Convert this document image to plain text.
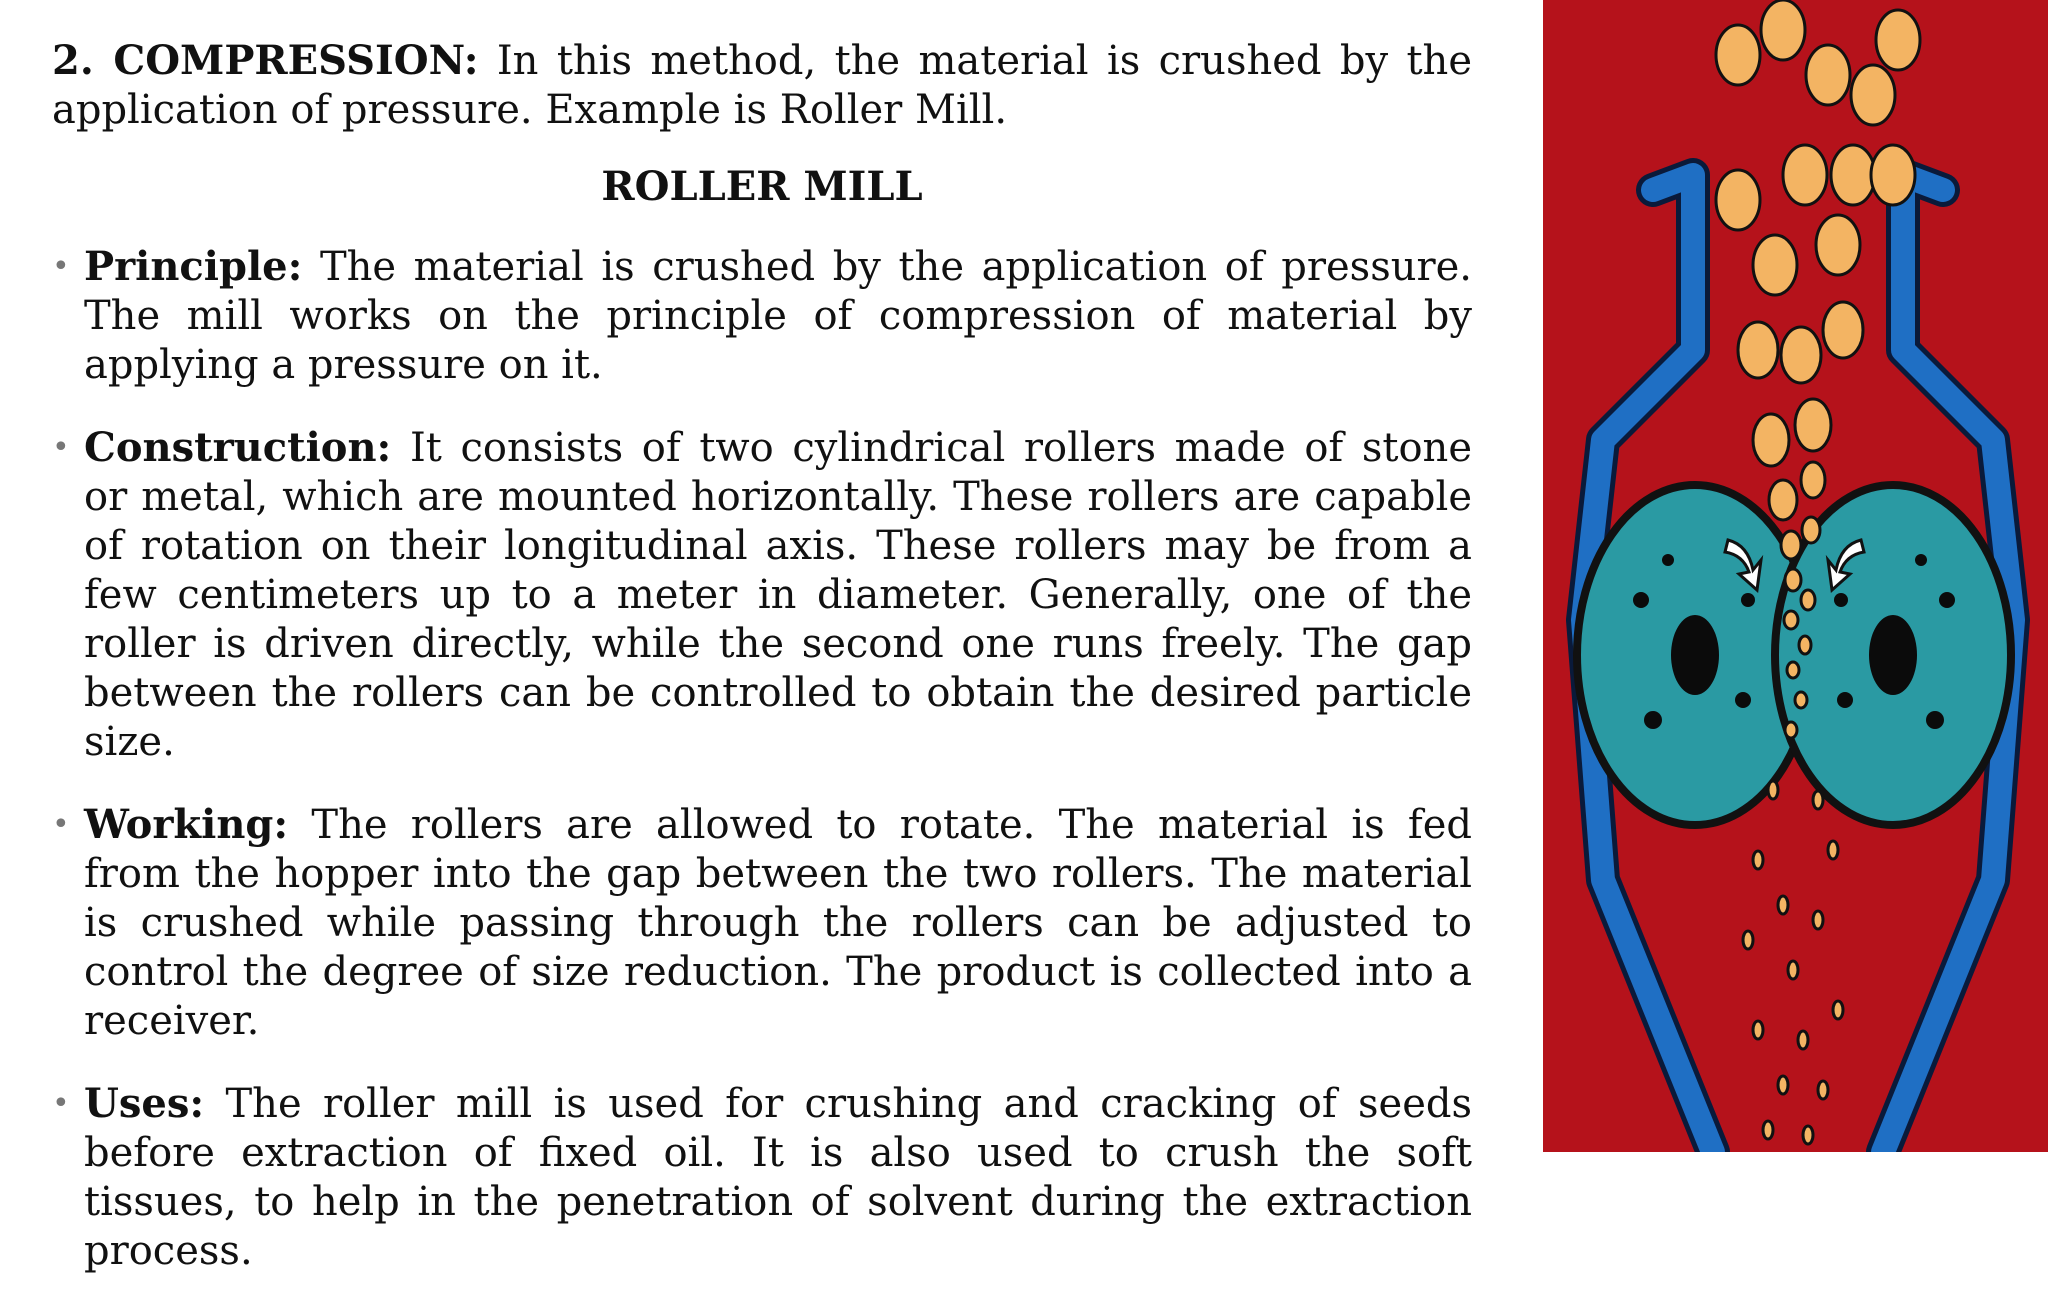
2. COMPRESSION: In this method, the material is crushed by the application of pressure. Example is Roller Mill.

ROLLER MILL
• Principle: The material is crushed by the application of pressure. The mill works on the principle of compression of material by applying a pressure on it.
• Construction: It consists of two cylindrical rollers made of stone or metal, which are mounted horizontally. These rollers are capable of rotation on their longitudinal axis. These rollers may be from a few centimeters up to a meter in diameter. Generally, one of the roller is driven directly, while the second one runs freely. The gap between the rollers can be controlled to obtain the desired particle size.
• Working: The rollers are allowed to rotate. The material is fed from the hopper into the gap between the two rollers. The material is crushed while passing through the rollers can be adjusted to control the degree of size reduction. The product is collected into a receiver.
• Uses: The roller mill is used for crushing and cracking of seeds before extraction of fixed oil. It is also used to crush the soft tissues, to help in the penetration of solvent during the extraction process.
